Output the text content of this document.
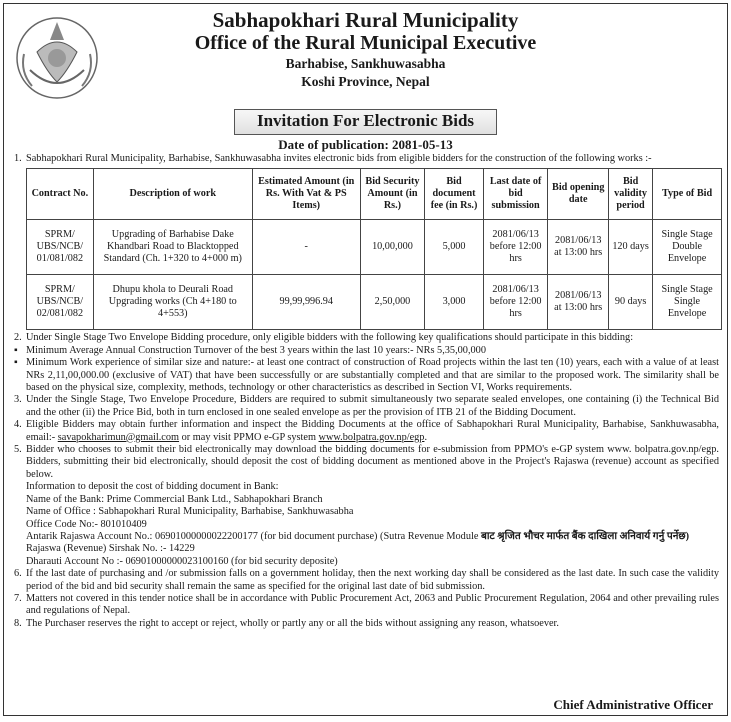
Sabhapokhari Rural Municipality
Office of the Rural Municipal Executive
Barhabise, Sankhuwasabha
Koshi Province, Nepal
Invitation For Electronic Bids
Date of publication: 2081-05-13
1. Sabhapokhari Rural Municipality, Barhabise, Sankhuwasabha invites electronic bids from eligible bidders for the construction of the following works :-
Contract No.	Description of work	Estimated Amount (in Rs. With Vat & PS Items)	Bid Security Amount (in Rs.)	Bid document fee (in Rs.)	Last date of bid submission	Bid opening date	Bid validity period	Type of Bid
SPRM/ UBS/NCB/ 01/081/082	Upgrading of Barhabise Dake Khandbari Road to Blacktopped Standard (Ch. 1+320 to 4+000 m)	-	10,00,000	5,000	2081/06/13 before 12:00 hrs	2081/06/13 at 13:00 hrs	120 days	Single Stage Double Envelope
SPRM/ UBS/NCB/ 02/081/082	Dhupu khola to Deurali Road Upgrading works (Ch 4+180 to 4+553)	99,99,996.94	2,50,000	3,000	2081/06/13 before 12:00 hrs	2081/06/13 at 13:00 hrs	90 days	Single Stage Single Envelope
2. Under Single Stage Two Envelope Bidding procedure, only eligible bidders with the following key qualifications should participate in this bidding:
▪ Minimum Average Annual Construction Turnover of the best 3 years within the last 10 years:- NRs 5,35,00,000
▪ Minimum Work experience of similar size and nature:- at least one contract of construction of Road projects within the last ten (10) years, each with a value of at least NRs 2,11,00,000.00 (exclusive of VAT) that have been successfully or are substantially completed and that are similar to the proposed work. The similarity shall be based on the physical size, complexity, methods, technology or other characteristics as described in Section VI, Works requirements.
3. Under the Single Stage, Two Envelope Procedure, Bidders are required to submit simultaneously two separate sealed envelopes, one containing (i) the Technical Bid and the other (ii) the Price Bid, both in turn enclosed in one sealed envelope as per the provision of ITB 21 of the Bidding Document.
4. Eligible Bidders may obtain further information and inspect the Bidding Documents at the office of Sabhapokhari Rural Municipality, Barhabise, Sankhuwasabha, email:- savapokharimun@gmail.com or may visit PPMO e-GP system www.bolpatra.gov.np/egp.
5. Bidder who chooses to submit their bid electronically may download the bidding documents for e-submission from PPMO's e-GP system www. bolpatra.gov.np/egp. Bidders, submitting their bid electronically, should deposit the cost of bidding document as mentioned above in the Project's Rajaswa (revenue) account as specified below.
Information to deposit the cost of bidding document in Bank:
Name of the Bank: Prime Commercial Bank Ltd., Sabhapokhari Branch
Name of Office : Sabhapokhari Rural Municipality, Barhabise, Sankhuwasabha
Office Code No:- 801010409
Antarik Rajaswa Account No.: 06901000000022200177 (for bid document purchase) (Sutra Revenue Module बाट श्रृजित भौचर मार्फत बैंक दाखिला अनिवार्य गर्नु पर्नेछ)
Rajaswa (Revenue) Sirshak No. :- 14229
Dharauti Account No :- 06901000000023100160 (for bid security deposite)
6. If the last date of purchasing and /or submission falls on a government holiday, then the next working day shall be considered as the last date. In such case the validity period of the bid and bid security shall remain the same as specified for the original last date of bid submission.
7. Matters not covered in this tender notice shall be in accordance with Public Procurement Act, 2063 and Public Procurement Regulation, 2064 and other prevailing rules and regulations of Nepal.
8. The Purchaser reserves the right to accept or reject, wholly or partly any or all the bids without assigning any reason, whatsoever.
Chief Administrative Officer
